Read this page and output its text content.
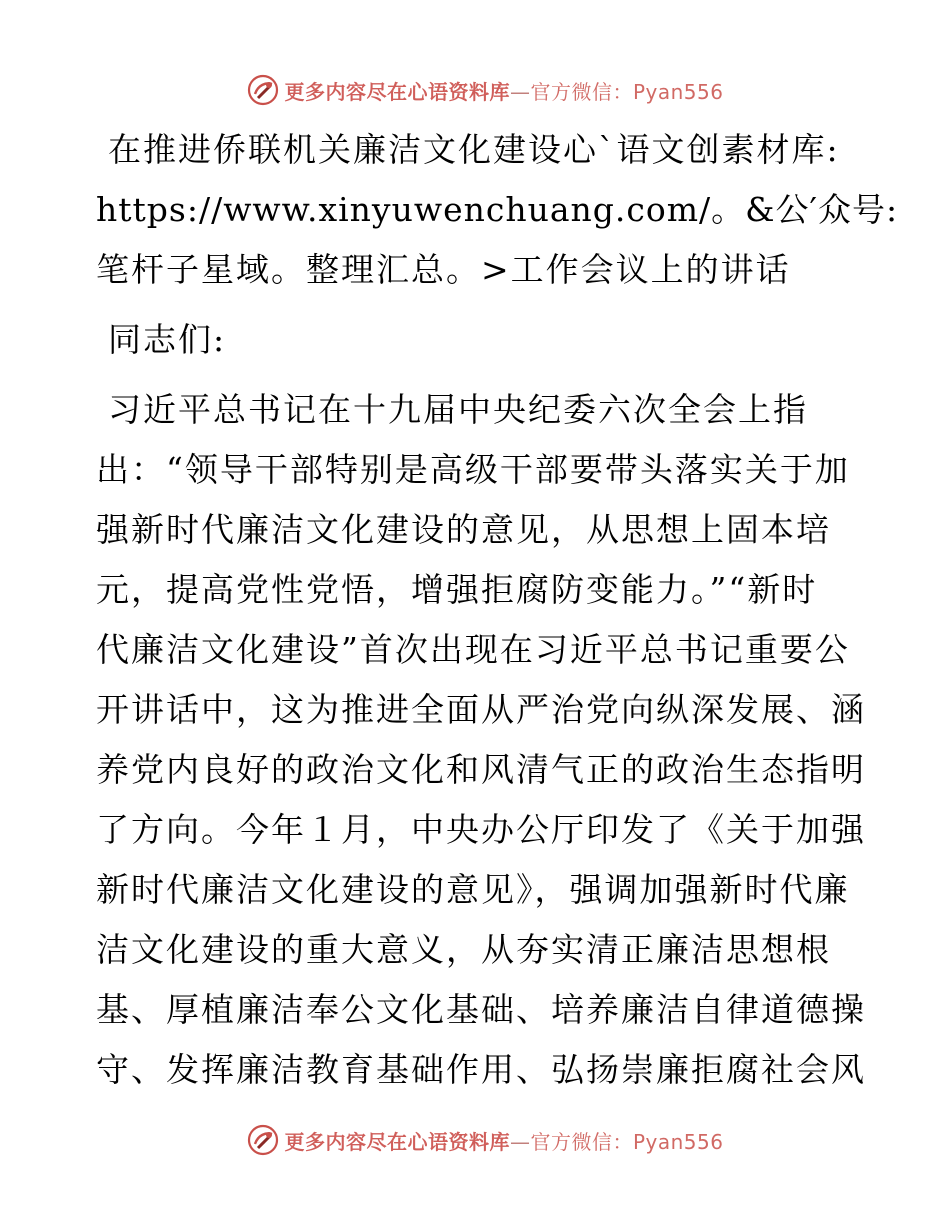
更多内容尽在心语资料库—官方微信：Pyan556
在推进侨联机关廉洁文化建设心`语文创素材库:
https://www.xinyuwenchuang.com/。&公′众号:
笔杆子星域。整理汇总。>工作会议上的讲话
同志们:
习近平总书记在十九届中央纪委六次全会上指
出：“领导干部特别是高级干部要带头落实关于加
强新时代廉洁文化建设的意见，从思想上固本培
元，提高党性党悟，增强拒腐防变能力。”“新时
代廉洁文化建设”首次出现在习近平总书记重要公
开讲话中，这为推进全面从严治党向纵深发展、涵
养党内良好的政治文化和风清气正的政治生态指明
了方向。今年１月，中央办公厅印发了《关于加强
新时代廉洁文化建设的意见》，强调加强新时代廉
洁文化建设的重大意义，从夯实清正廉洁思想根
基、厚植廉洁奉公文化基础、培养廉洁自律道德操
守、发挥廉洁教育基础作用、弘扬崇廉拒腐社会风
更多内容尽在心语资料库—官方微信：Pyan556
